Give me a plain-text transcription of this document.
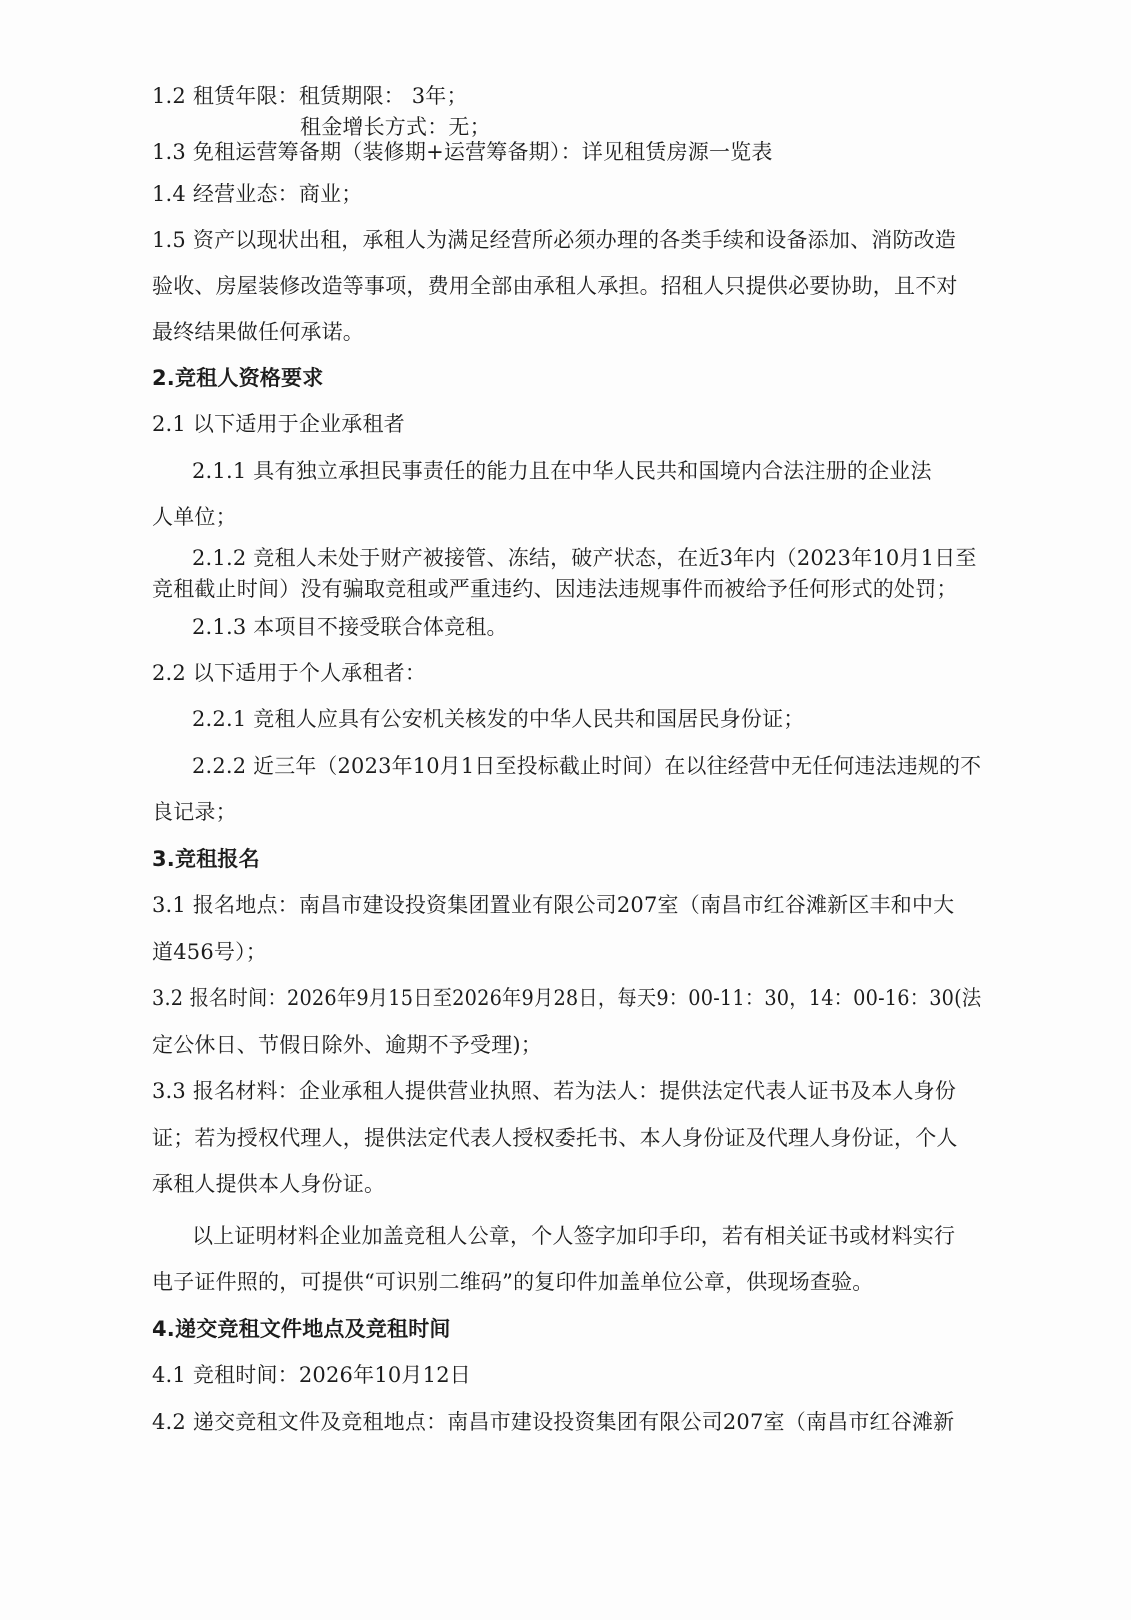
1.2 租赁年限：租赁期限： 3年；
租金增长方式：无；
1.3 免租运营筹备期（装修期+运营筹备期）：详见租赁房源一览表
1.4 经营业态：商业；
1.5 资产以现状出租，承租人为满足经营所必须办理的各类手续和设备添加、消防改造
验收、房屋装修改造等事项，费用全部由承租人承担。招租人只提供必要协助，且不对
最终结果做任何承诺。
2.竞租人资格要求
2.1 以下适用于企业承租者
2.1.1 具有独立承担民事责任的能力且在中华人民共和国境内合法注册的企业法
人单位；
2.1.2 竞租人未处于财产被接管、冻结，破产状态，在近3年内（2023年10月1日至
竞租截止时间）没有骗取竞租或严重违约、因违法违规事件而被给予任何形式的处罚；
2.1.3 本项目不接受联合体竞租。
2.2 以下适用于个人承租者：
2.2.1 竞租人应具有公安机关核发的中华人民共和国居民身份证；
2.2.2 近三年（2023年10月1日至投标截止时间）在以往经营中无任何违法违规的不
良记录；
3.竞租报名
3.1 报名地点：南昌市建设投资集团置业有限公司207室（南昌市红谷滩新区丰和中大
道456号）；
3.2 报名时间：2026年9月15日至2026年9月28日，每天9：00-11：30，14：00-16：30(法
定公休日、节假日除外、逾期不予受理)；
3.3 报名材料：企业承租人提供营业执照、若为法人：提供法定代表人证书及本人身份
证；若为授权代理人，提供法定代表人授权委托书、本人身份证及代理人身份证，个人
承租人提供本人身份证。
以上证明材料企业加盖竞租人公章，个人签字加印手印，若有相关证书或材料实行
电子证件照的，可提供“可识别二维码”的复印件加盖单位公章，供现场查验。
4.递交竞租文件地点及竞租时间
4.1 竞租时间：2026年10月12日
4.2 递交竞租文件及竞租地点：南昌市建设投资集团有限公司207室（南昌市红谷滩新
